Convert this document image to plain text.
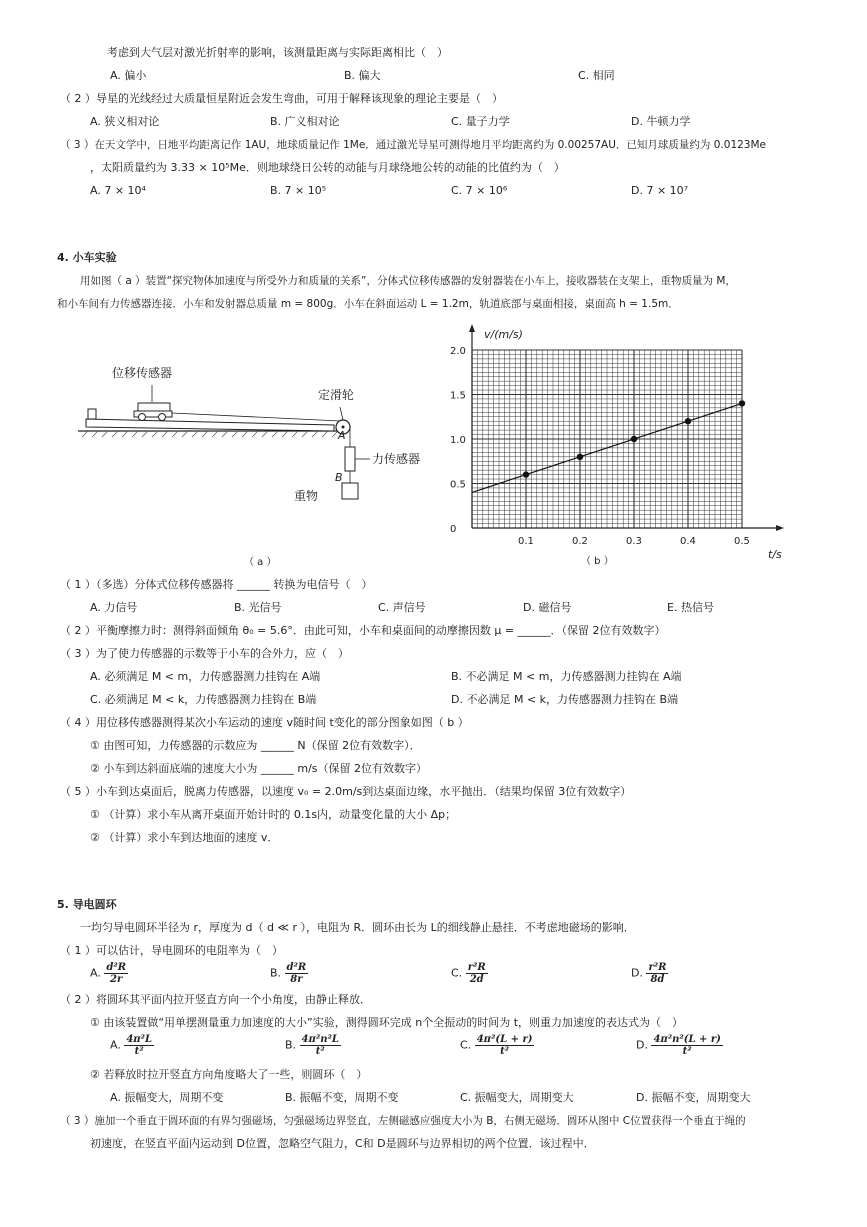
考虑到大气层对激光折射率的影响，该测量距离与实际距离相比（　）
A. 偏小	B. 偏大	C. 相同
（ 2 ）导星的光线经过大质量恒星附近会发生弯曲，可用于解释该现象的理论主要是（　）
A. 狭义相对论	B. 广义相对论	C. 量子力学	D. 牛顿力学
（ 3 ）在天文学中，日地平均距离记作 1AU，地球质量记作 1Me．通过激光导星可测得地月平均距离约为 0.00257AU．已知月球质量约为 0.0123Me
，太阳质量约为 3.33 × 10⁵Me．则地球绕日公转的动能与月球绕地公转的动能的比值约为（　）
A. 7 × 10⁴	B. 7 × 10⁵	C. 7 × 10⁶	D. 7 × 10⁷
4. 小车实验
用如图（ a ）装置“探究物体加速度与所受外力和质量的关系”，分体式位移传感器的发射器装在小车上，接收器装在支架上，重物质量为 M，
和小车间有力传感器连接．小车和发射器总质量 m = 800g．小车在斜面运动 L = 1.2m，轨道底部与桌面相接，桌面高 h = 1.5m．
位移传感器
定滑轮
力传感器
重物
A
B
（ a ）
0.1	0.2	0.3	0.4	0.5
0
0.5
1.0
1.5
2.0
t/s
v/(m/s)
（ b ）
（ 1 ）（多选）分体式位移传感器将 ______ 转换为电信号（　）
A. 力信号	B. 光信号	C. 声信号	D. 磁信号	E. 热信号
（ 2 ）平衡摩擦力时：测得斜面倾角 θ₀ = 5.6°．由此可知，小车和桌面间的动摩擦因数 μ = ______．（保留 2位有效数字）
（ 3 ）为了使力传感器的示数等于小车的合外力，应（　）
A. 必须满足 M < m，力传感器测力挂钩在 A端	B. 不必满足 M < m，力传感器测力挂钩在 A端
C. 必须满足 M < k，力传感器测力挂钩在 B端	D. 不必满足 M < k，力传感器测力挂钩在 B端
（ 4 ）用位移传感器测得某次小车运动的速度 v随时间 t变化的部分图象如图（ b ）
① 由图可知，力传感器的示数应为 ______ N（保留 2位有效数字）．
② 小车到达斜面底端的速度大小为 ______ m/s（保留 2位有效数字）
（ 5 ）小车到达桌面后，脱离力传感器，以速度 v₀ = 2.0m/s到达桌面边缘，水平抛出．（结果均保留 3位有效数字）
① （计算）求小车从离开桌面开始计时的 0.1s内，动量变化量的大小 Δp；
② （计算）求小车到达地面的速度 v．
5. 导电圆环
一均匀导电圆环半径为 r，厚度为 d（ d ≪ r ），电阻为 R．圆环由长为 L的细线静止悬挂．不考虑地磁场的影响．
（ 1 ）可以估计，导电圆环的电阻率为（　）
A. $\frac{\text{d²R}}{2r}$	B. $\frac{\text{d²R}}{8r}$	C. $\frac{\text{r²R}}{2d}$	D. $\frac{\text{r²R}}{8d}$
（ 2 ）将圆环其平面内拉开竖直方向一个小角度，由静止释放．
① 由该装置做“用单摆测量重力加速度的大小”实验，测得圆环完成 n个全振动的时间为 t，则重力加速度的表达式为（　）
A. $\frac{\text{4π²L}}{\text{t²}}$	B. $\frac{\text{4π²n²L}}{\text{t²}}$	C. $\frac{\text{4π²(L + r)}}{\text{t²}}$	D. $\frac{\text{4π²n²(L + r)}}{\text{t²}}$
② 若释放时拉开竖直方向角度略大了一些，则圆环（　）
A. 振幅变大，周期不变	B. 振幅不变，周期不变	C. 振幅变大，周期变大	D. 振幅不变，周期变大
（ 3 ）施加一个垂直于圆环面的有界匀强磁场，匀强磁场边界竖直，左侧磁感应强度大小为 B，右侧无磁场．圆环从图中 C位置获得一个垂直于绳的
初速度，在竖直平面内运动到 D位置，忽略空气阻力，C和 D是圆环与边界相切的两个位置．该过程中．
